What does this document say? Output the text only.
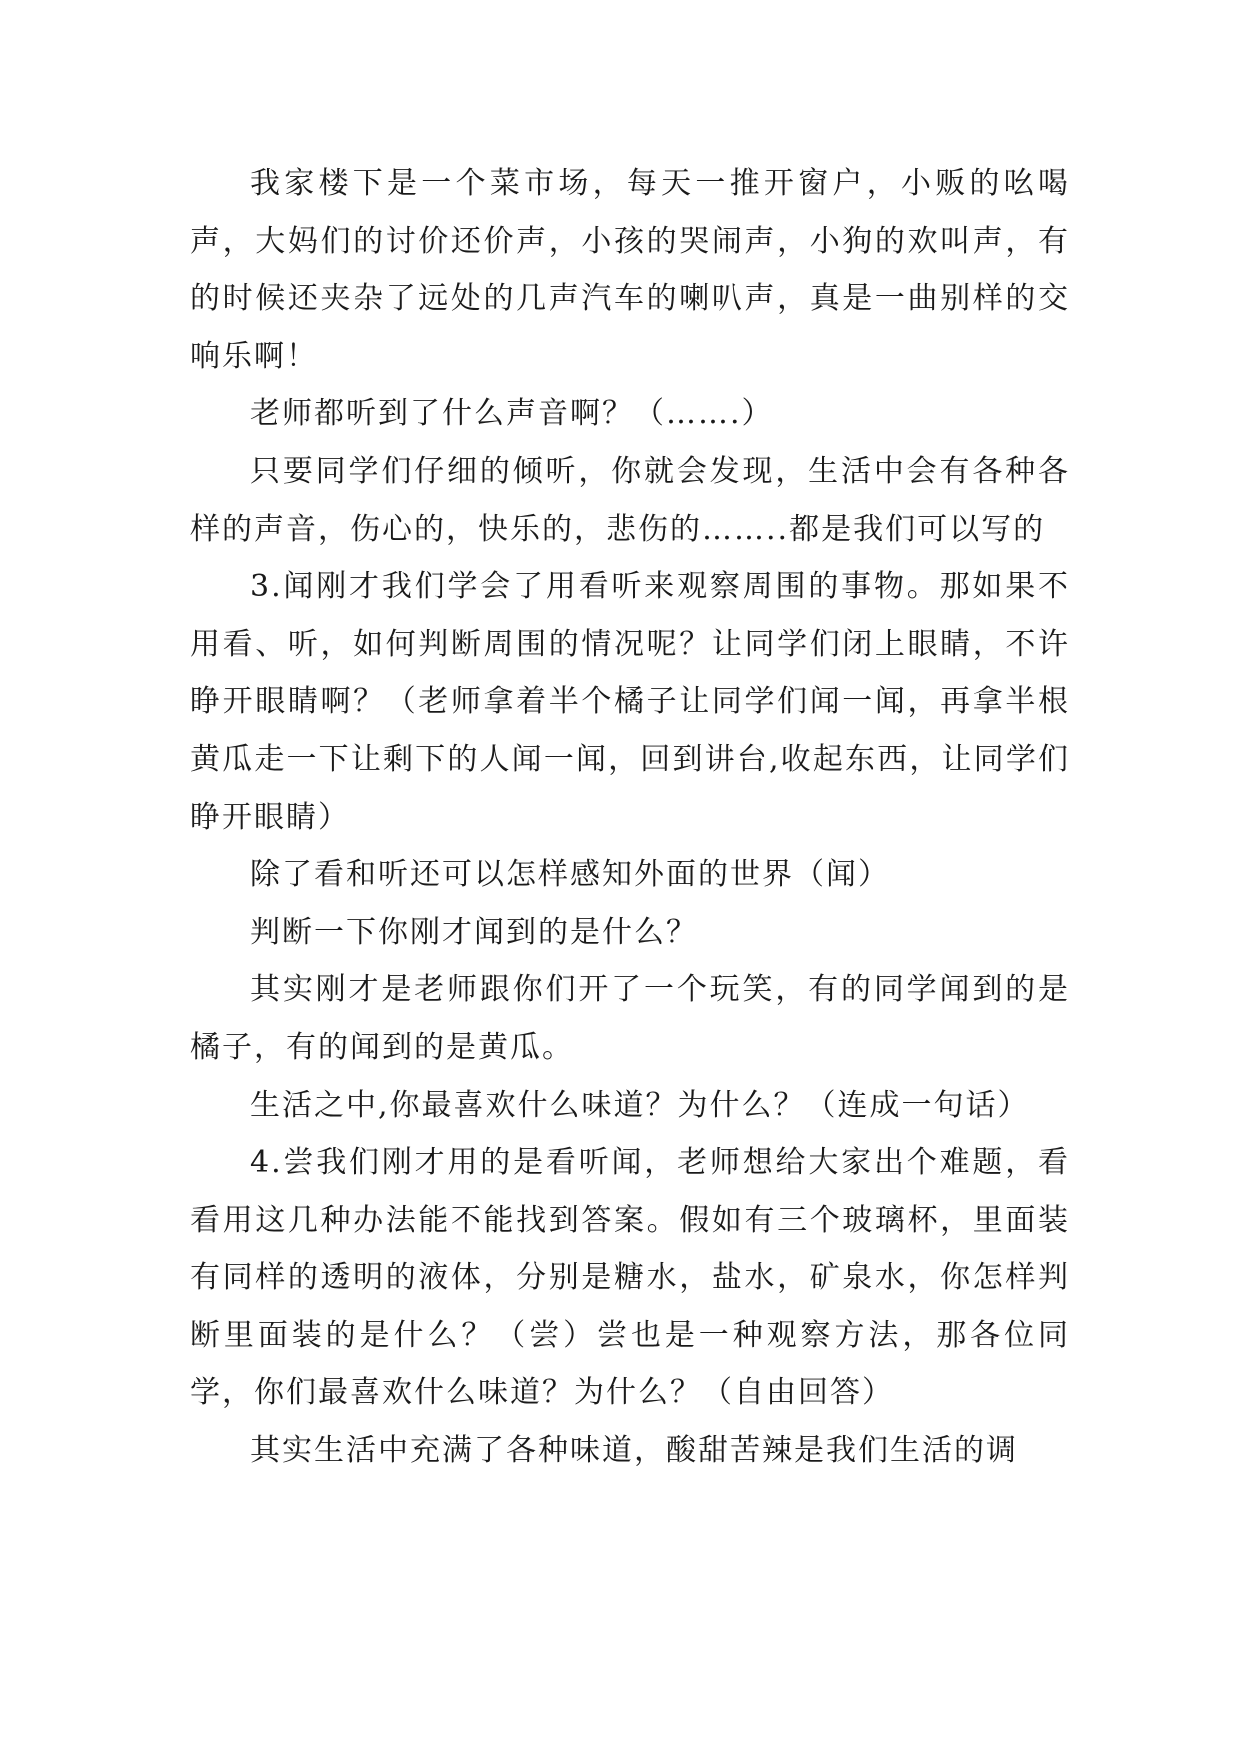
我家楼下是一个菜市场，每天一推开窗户，小贩的吆喝声，大妈们的讨价还价声，小孩的哭闹声，小狗的欢叫声，有的时候还夹杂了远处的几声汽车的喇叭声，真是一曲别样的交响乐啊！

老师都听到了什么声音啊？（…….）

只要同学们仔细的倾听，你就会发现，生活中会有各种各样的声音，伤心的，快乐的，悲伤的……..都是我们可以写的

3.闻刚才我们学会了用看听来观察周围的事物。那如果不用看、听，如何判断周围的情况呢？让同学们闭上眼睛，不许睁开眼睛啊？（老师拿着半个橘子让同学们闻一闻，再拿半根黄瓜走一下让剩下的人闻一闻，回到讲台,收起东西，让同学们睁开眼睛）

除了看和听还可以怎样感知外面的世界（闻）

判断一下你刚才闻到的是什么？

其实刚才是老师跟你们开了一个玩笑，有的同学闻到的是橘子，有的闻到的是黄瓜。

生活之中,你最喜欢什么味道？为什么？（连成一句话）

4.尝我们刚才用的是看听闻，老师想给大家出个难题，看看用这几种办法能不能找到答案。假如有三个玻璃杯，里面装有同样的透明的液体，分别是糖水，盐水，矿泉水，你怎样判断里面装的是什么？（尝）尝也是一种观察方法，那各位同学，你们最喜欢什么味道？为什么？（自由回答）

其实生活中充满了各种味道，酸甜苦辣是我们生活的调
